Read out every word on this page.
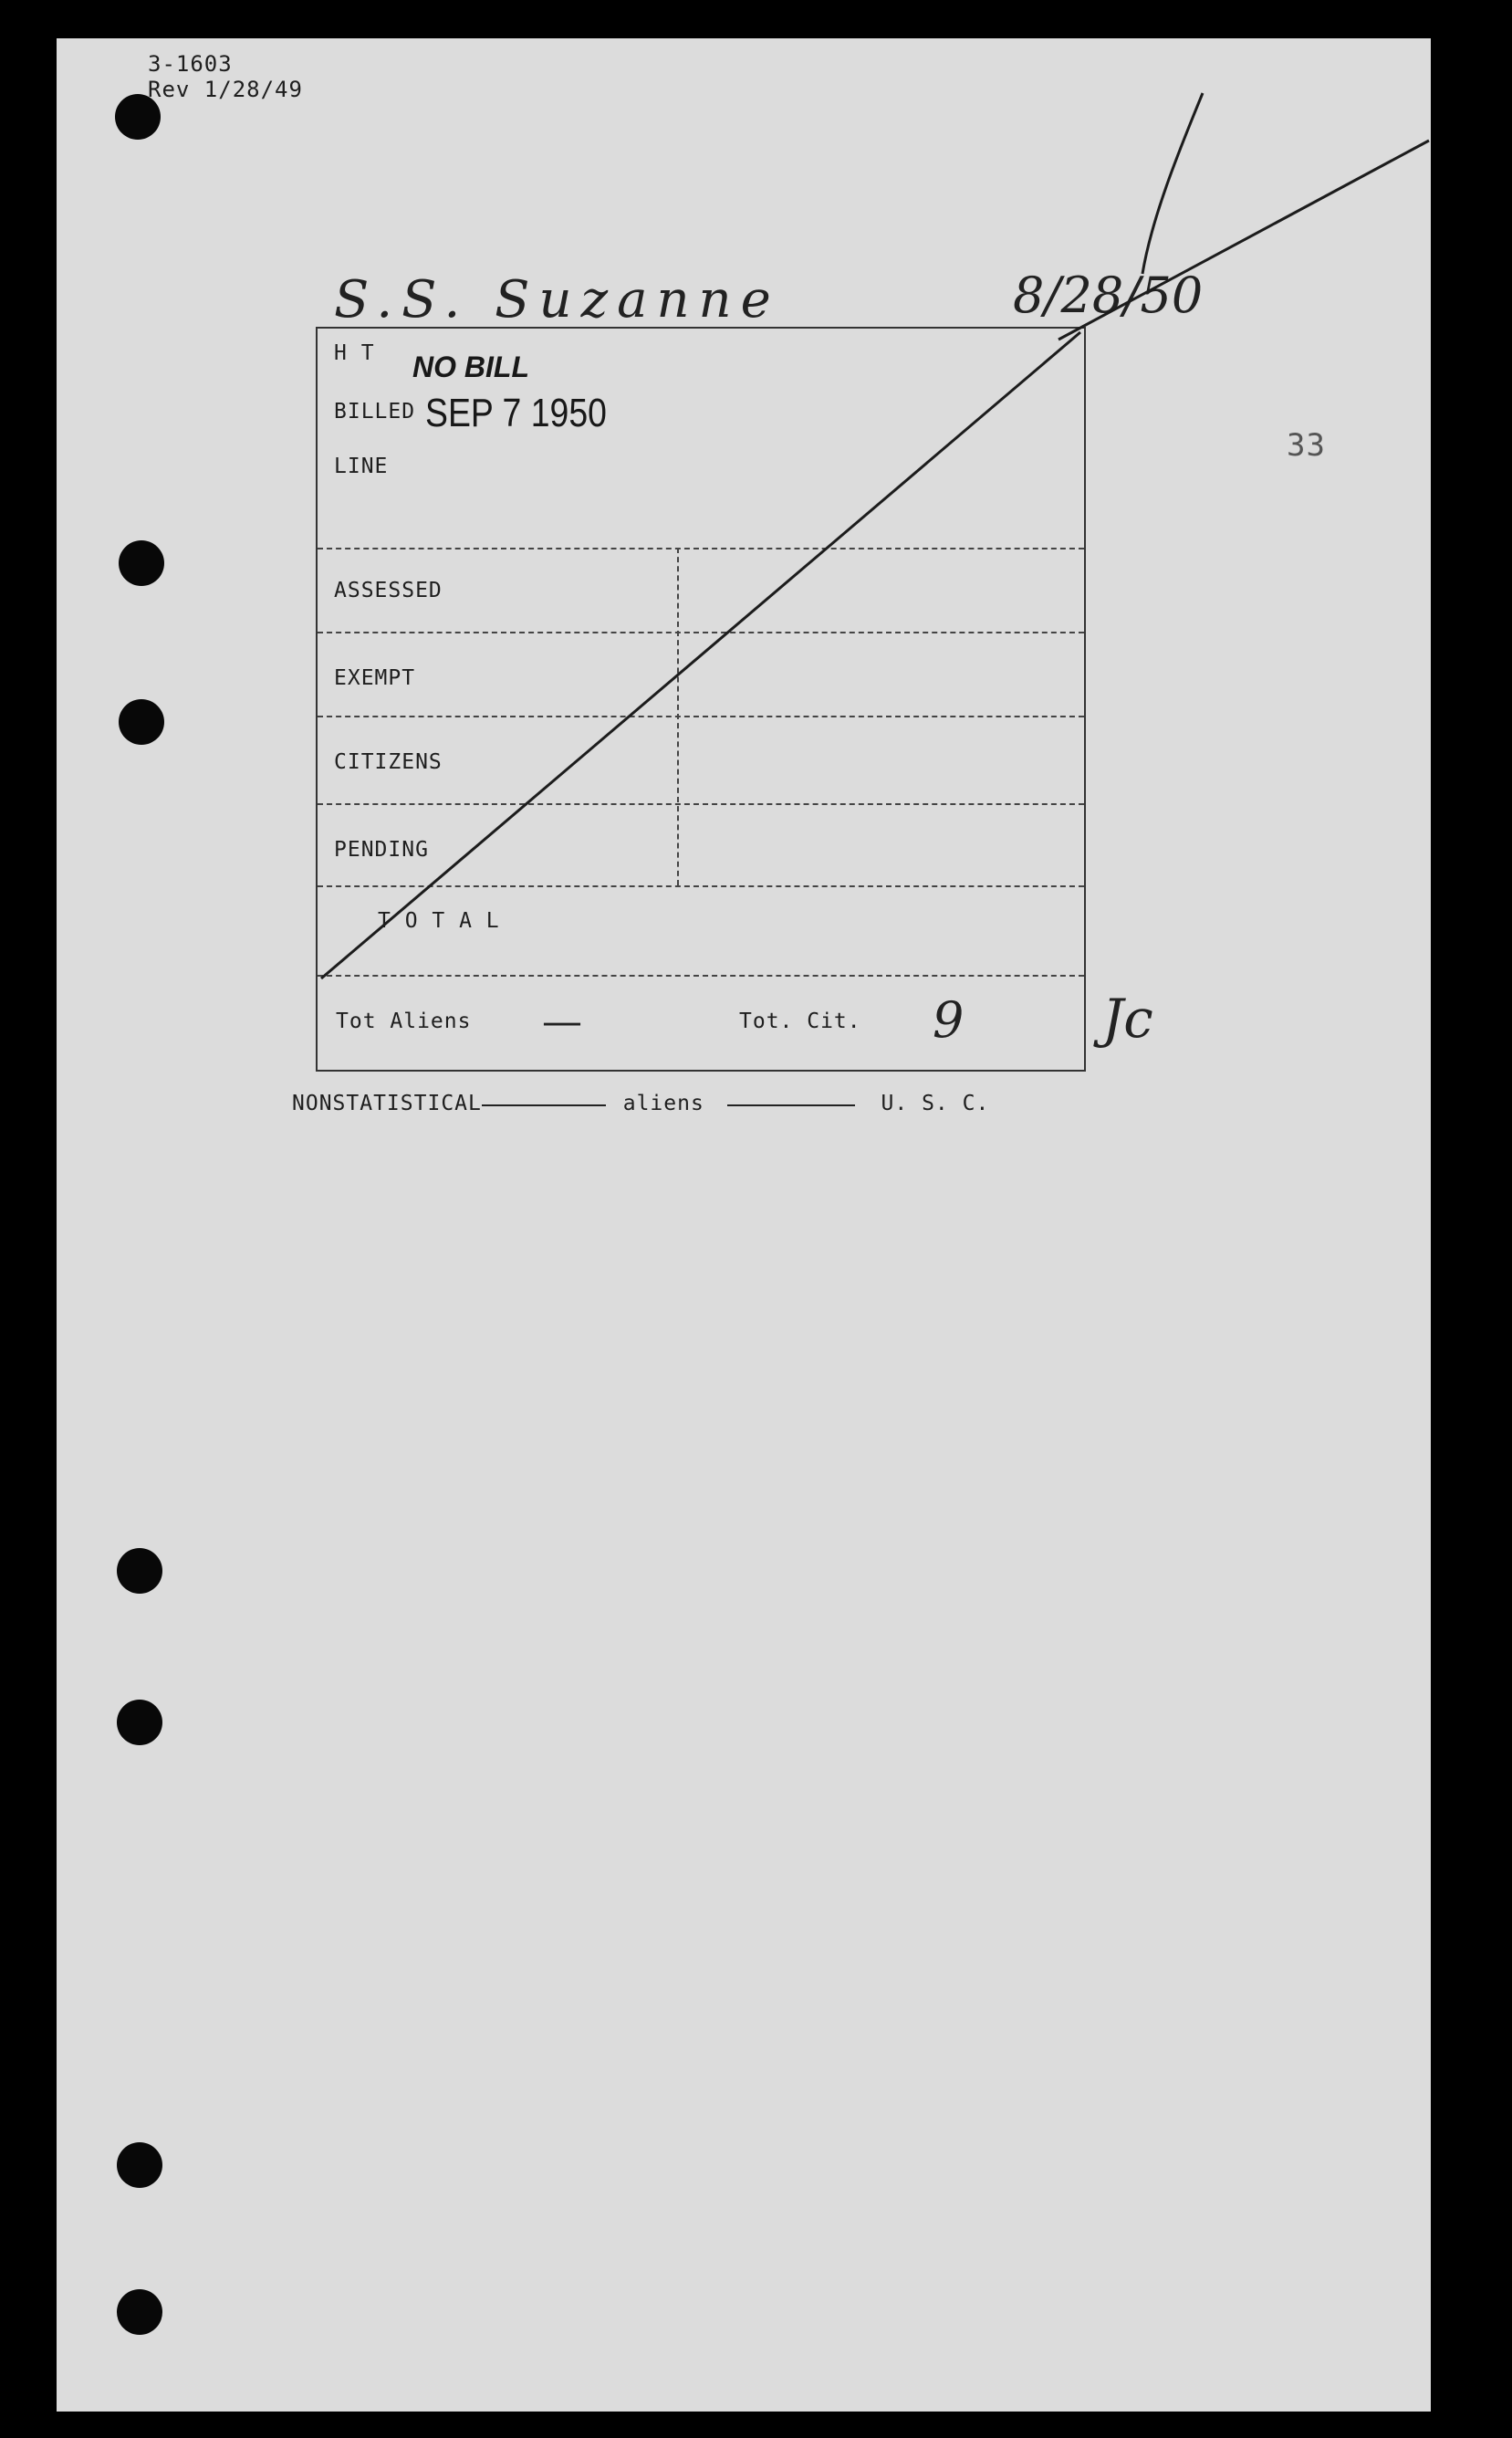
3-1603
Rev 1/28/49
S.S. Suzanne	8/28/50
33
H T NO BILL
BILLED SEP 7 1950
LINE
ASSESSED
EXEMPT
CITIZENS
PENDING
T O T A L
Tot Aliens —	Tot. Cit. 9	Jc
NONSTATISTICAL	aliens	U. S. C.
